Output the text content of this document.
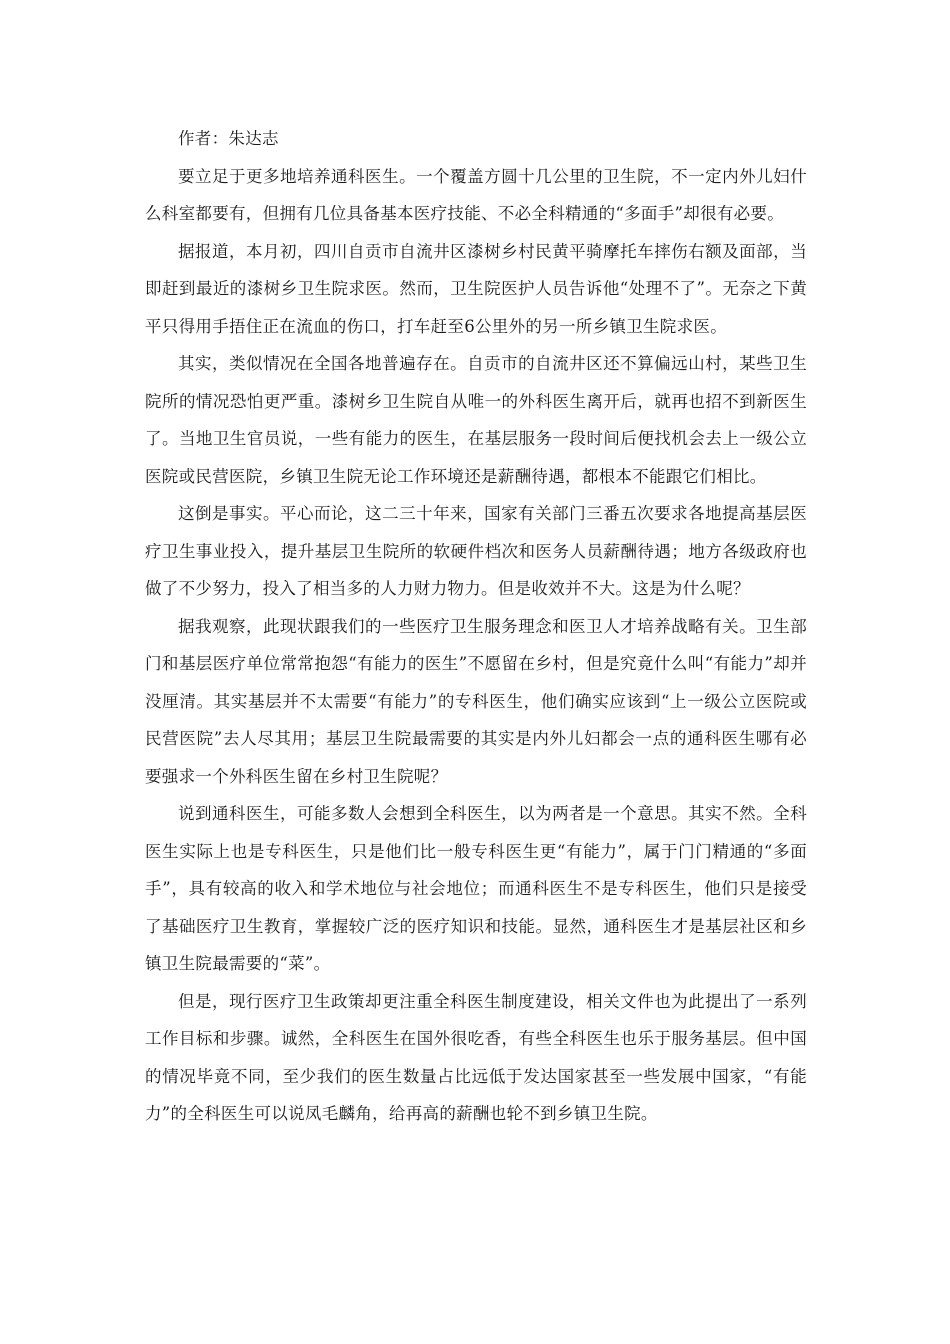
作者：朱达志

要立足于更多地培养通科医生。一个覆盖方圆十几公里的卫生院，不一定内外儿妇什么科室都要有，但拥有几位具备基本医疗技能、不必全科精通的“多面手”却很有必要。

据报道，本月初，四川自贡市自流井区漆树乡村民黄平骑摩托车摔伤右额及面部，当即赶到最近的漆树乡卫生院求医。然而，卫生院医护人员告诉他“处理不了”。无奈之下黄平只得用手捂住正在流血的伤口，打车赶至6公里外的另一所乡镇卫生院求医。

其实，类似情况在全国各地普遍存在。自贡市的自流井区还不算偏远山村，某些卫生院所的情况恐怕更严重。漆树乡卫生院自从唯一的外科医生离开后，就再也招不到新医生了。当地卫生官员说，一些有能力的医生，在基层服务一段时间后便找机会去上一级公立医院或民营医院，乡镇卫生院无论工作环境还是薪酬待遇，都根本不能跟它们相比。

这倒是事实。平心而论，这二三十年来，国家有关部门三番五次要求各地提高基层医疗卫生事业投入，提升基层卫生院所的软硬件档次和医务人员薪酬待遇；地方各级政府也做了不少努力，投入了相当多的人力财力物力。但是收效并不大。这是为什么呢？

据我观察，此现状跟我们的一些医疗卫生服务理念和医卫人才培养战略有关。卫生部门和基层医疗单位常常抱怨“有能力的医生”不愿留在乡村，但是究竟什么叫“有能力”却并没厘清。其实基层并不太需要“有能力”的专科医生，他们确实应该到“上一级公立医院或民营医院”去人尽其用；基层卫生院最需要的其实是内外儿妇都会一点的通科医生哪有必要强求一个外科医生留在乡村卫生院呢？

说到通科医生，可能多数人会想到全科医生，以为两者是一个意思。其实不然。全科医生实际上也是专科医生，只是他们比一般专科医生更“有能力”，属于门门精通的“多面手”，具有较高的收入和学术地位与社会地位；而通科医生不是专科医生，他们只是接受了基础医疗卫生教育，掌握较广泛的医疗知识和技能。显然，通科医生才是基层社区和乡镇卫生院最需要的“菜”。

但是，现行医疗卫生政策却更注重全科医生制度建设，相关文件也为此提出了一系列工作目标和步骤。诚然，全科医生在国外很吃香，有些全科医生也乐于服务基层。但中国的情况毕竟不同，至少我们的医生数量占比远低于发达国家甚至一些发展中国家，“有能力”的全科医生可以说凤毛麟角，给再高的薪酬也轮不到乡镇卫生院。
